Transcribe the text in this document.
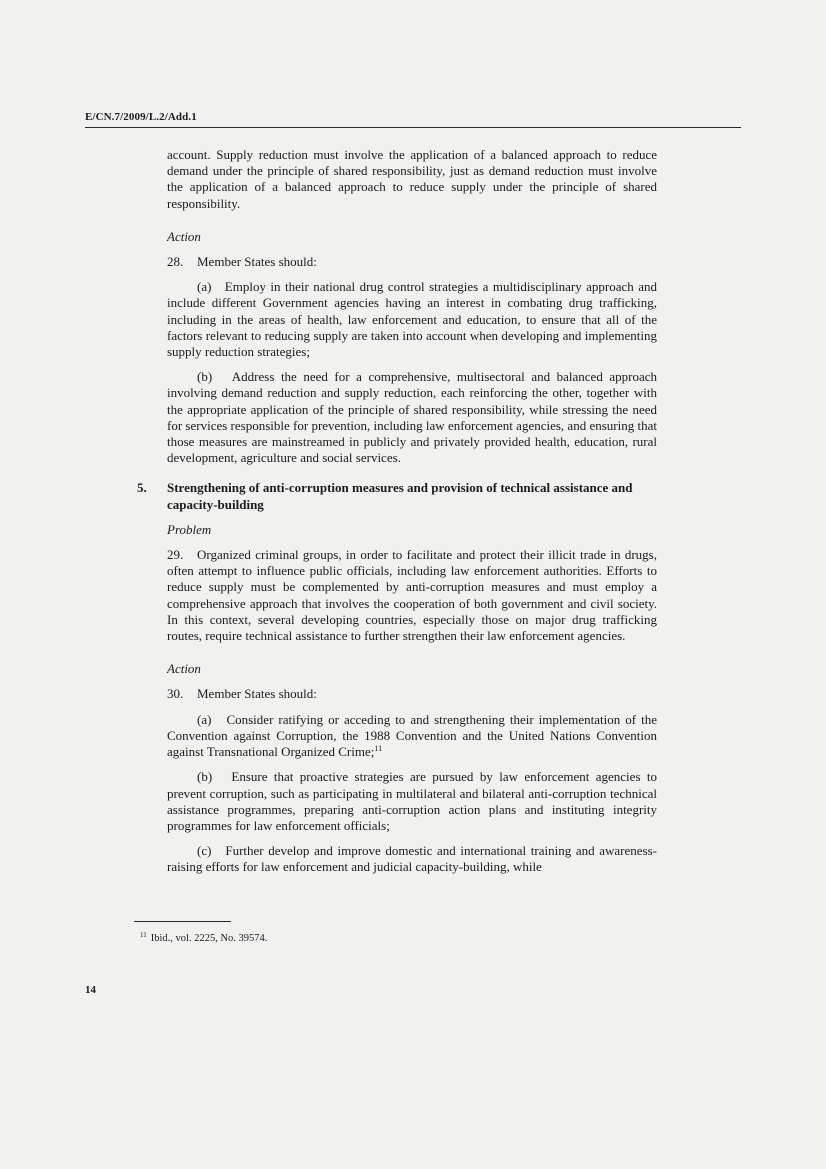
E/CN.7/2009/L.2/Add.1

account. Supply reduction must involve the application of a balanced approach to reduce demand under the principle of shared responsibility, just as demand reduction must involve the application of a balanced approach to reduce supply under the principle of shared responsibility.

Action

28. Member States should:

(a) Employ in their national drug control strategies a multidisciplinary approach and include different Government agencies having an interest in combating drug trafficking, including in the areas of health, law enforcement and education, to ensure that all of the factors relevant to reducing supply are taken into account when developing and implementing supply reduction strategies;

(b) Address the need for a comprehensive, multisectoral and balanced approach involving demand reduction and supply reduction, each reinforcing the other, together with the appropriate application of the principle of shared responsibility, while stressing the need for services responsible for prevention, including law enforcement agencies, and ensuring that those measures are mainstreamed in publicly and privately provided health, education, rural development, agriculture and social services.

5. Strengthening of anti-corruption measures and provision of technical assistance and capacity-building

Problem

29. Organized criminal groups, in order to facilitate and protect their illicit trade in drugs, often attempt to influence public officials, including law enforcement authorities. Efforts to reduce supply must be complemented by anti-corruption measures and must employ a comprehensive approach that involves the cooperation of both government and civil society. In this context, several developing countries, especially those on major drug trafficking routes, require technical assistance to further strengthen their law enforcement agencies.

Action

30. Member States should:

(a) Consider ratifying or acceding to and strengthening their implementation of the Convention against Corruption, the 1988 Convention and the United Nations Convention against Transnational Organized Crime;$^{11}$

(b) Ensure that proactive strategies are pursued by law enforcement agencies to prevent corruption, such as participating in multilateral and bilateral anti-corruption technical assistance programmes, preparing anti-corruption action plans and instituting integrity programmes for law enforcement officials;

(c) Further develop and improve domestic and international training and awareness-raising efforts for law enforcement and judicial capacity-building, while

$^{11}$ Ibid., vol. 2225, No. 39574.
14
